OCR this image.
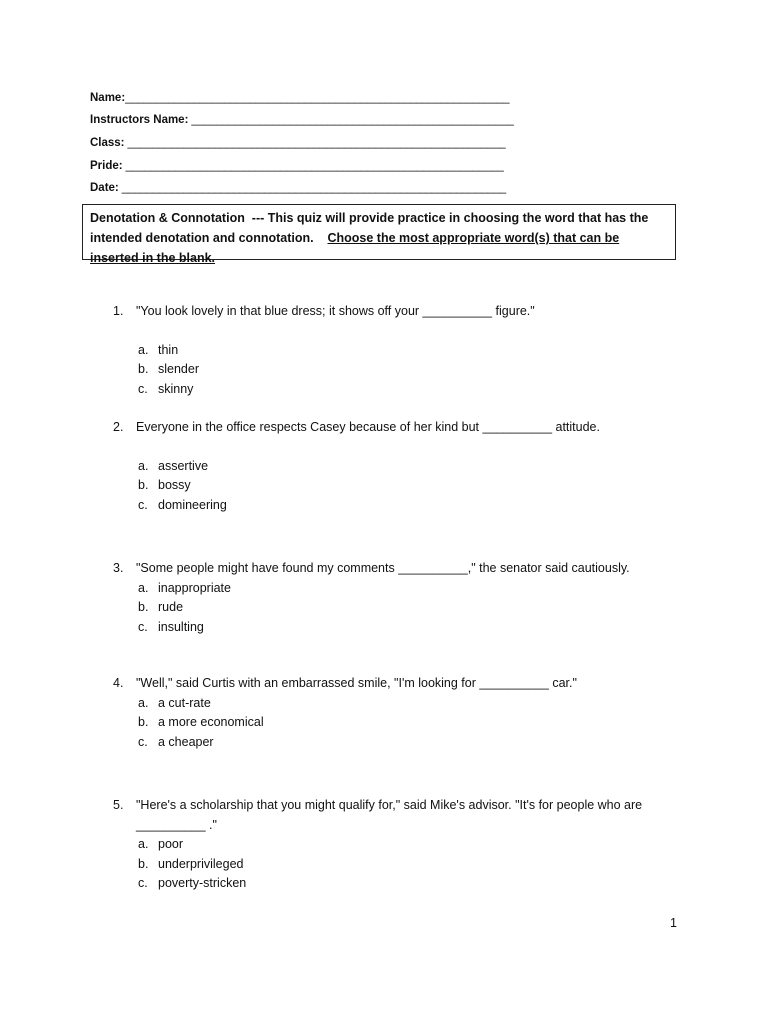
Name:______________________________________________________________
Instructors Name: ____________________________________________________
Class: _____________________________________________________________
Pride: _____________________________________________________________
Date: ______________________________________________________________
Denotation & Connotation  --- This quiz will provide practice in choosing the word that has the intended denotation and connotation.    Choose the most appropriate word(s) that can be inserted in the blank.
1.	"You look lovely in that blue dress; it shows off your __________ figure."
a. thin
b. slender
c. skinny
2.	Everyone in the office respects Casey because of her kind but __________ attitude.
a. assertive
b. bossy
c. domineering
3.	"Some people might have found my comments __________," the senator said cautiously.
a. inappropriate
b. rude
c. insulting
4.	"Well," said Curtis with an embarrassed smile, "I'm looking for __________ car."
a. a cut-rate
b. a more economical
c. a cheaper
5.	"Here's a scholarship that you might qualify for," said Mike's advisor. "It's for people who are __________ ."
a. poor
b. underprivileged
c. poverty-stricken
1
